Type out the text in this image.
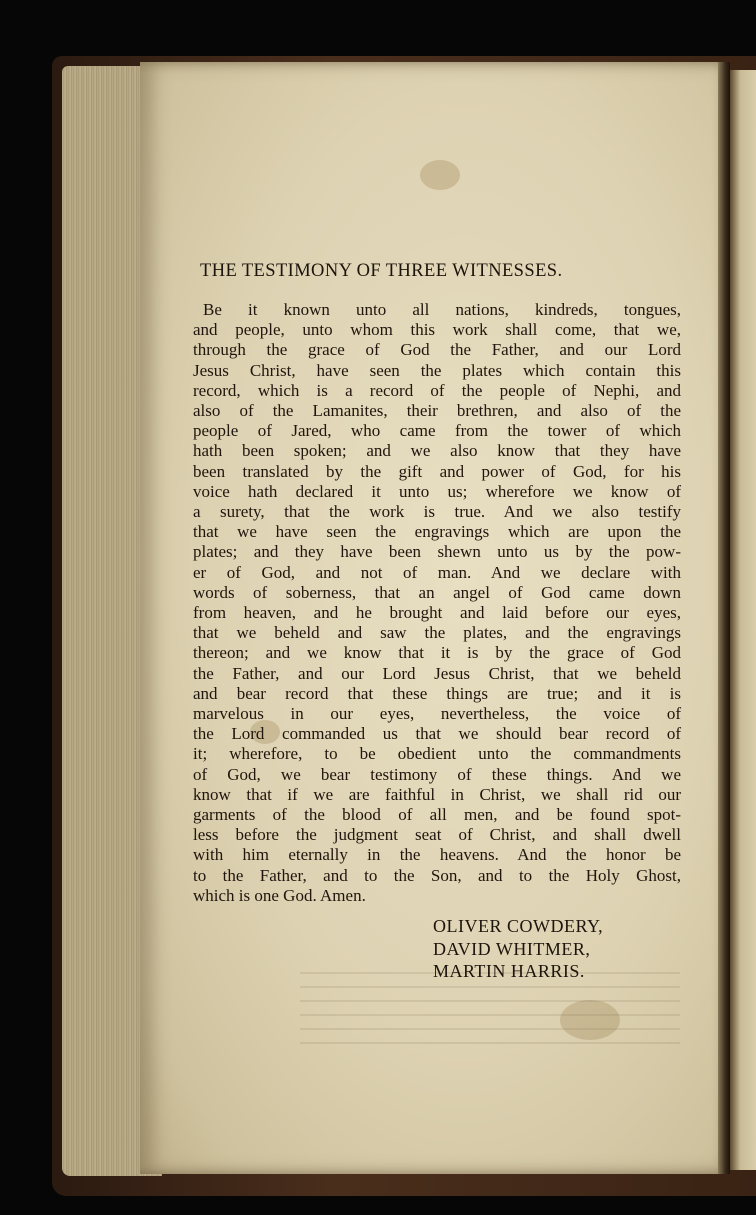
THE TESTIMONY OF THREE WITNESSES.
Be it known unto all nations, kindreds, tongues,
and people, unto whom this work shall come, that we,
through the grace of God the Father, and our Lord
Jesus Christ, have seen the plates which contain this
record, which is a record of the people of Nephi, and
also of the Lamanites, their brethren, and also of the
people of Jared, who came from the tower of which
hath been spoken; and we also know that they have
been translated by the gift and power of God, for his
voice hath declared it unto us; wherefore we know of
a surety, that the work is true. And we also testify
that we have seen the engravings which are upon the
plates; and they have been shewn unto us by the pow-
er of God, and not of man. And we declare with
words of soberness, that an angel of God came down
from heaven, and he brought and laid before our eyes,
that we beheld and saw the plates, and the engravings
thereon; and we know that it is by the grace of God
the Father, and our Lord Jesus Christ, that we beheld
and bear record that these things are true; and it is
marvelous in our eyes, nevertheless, the voice of
the Lord commanded us that we should bear record of
it; wherefore, to be obedient unto the commandments
of God, we bear testimony of these things. And we
know that if we are faithful in Christ, we shall rid our
garments of the blood of all men, and be found spot-
less before the judgment seat of Christ, and shall dwell
with him eternally in the heavens. And the honor be
to the Father, and to the Son, and to the Holy Ghost,
which is one God. Amen.
OLIVER COWDERY,
DAVID WHITMER,
MARTIN HARRIS.
